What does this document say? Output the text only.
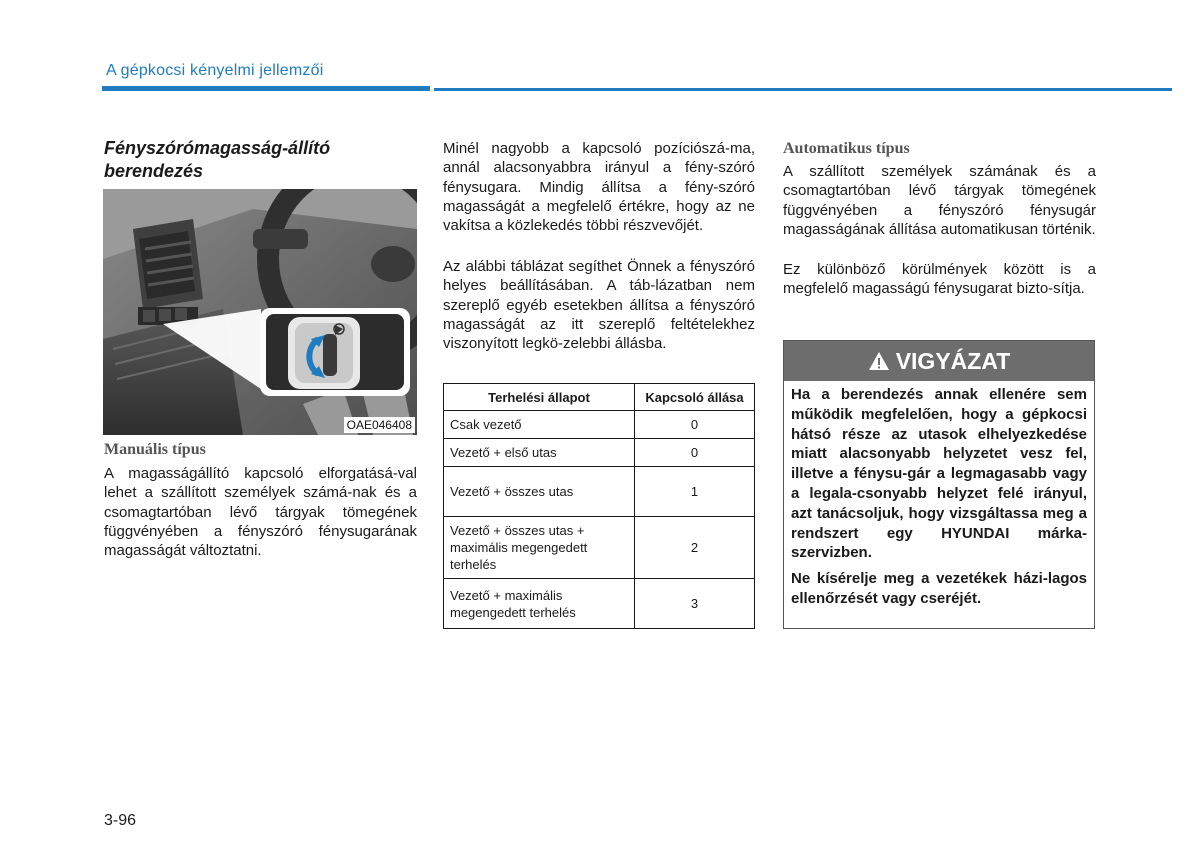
A gépkocsi kényelmi jellemzői
Fényszórómagasság-állító
berendezés
OAE046408
Manuális típus

A magasságállító kapcsoló elforgatásá-val lehet a szállított személyek számá-nak és a csomagtartóban lévő tárgyak tömegének függvényében a fényszóró fénysugarának magasságát változtatni.

Minél nagyobb a kapcsoló pozíciószá-ma, annál alacsonyabbra irányul a fény-szóró fénysugara. Mindig állítsa a fény-szóró magasságát a megfelelő értékre, hogy az ne vakítsa a közlekedés többi részvevőjét.

Az alábbi táblázat segíthet Önnek a fényszóró helyes beállításában. A táb-lázatban nem szereplő egyéb esetekben állítsa a fényszóró magasságát az itt szereplő feltételekhez viszonyított legkö-zelebbi állásba.

Terhelési állapot	Kapcsoló állása
Csak vezető	0
Vezető + első utas	0
Vezető + összes utas	1
Vezető + összes utas + maximális megengedett terhelés	2
Vezető + maximális megengedett terhelés	3
Automatikus típus

A szállított személyek számának és a csomagtartóban lévő tárgyak tömegének függvényében a fényszóró fénysugár magasságának állítása automatikusan történik.

Ez különböző körülmények között is a megfelelő magasságú fénysugarat bizto-sítja.

VIGYÁZAT

Ha a berendezés annak ellenére sem működik megfelelően, hogy a gépkocsi hátsó része az utasok elhelyezkedése miatt alacsonyabb helyzetet vesz fel, illetve a fénysu-gár a legmagasabb vagy a legala-csonyabb helyzet felé irányul, azt tanácsoljuk, hogy vizsgáltassa meg a rendszert egy HYUNDAI márka-szervizben.

Ne kísérelje meg a vezetékek házi-lagos ellenőrzését vagy cseréjét.

3-96
